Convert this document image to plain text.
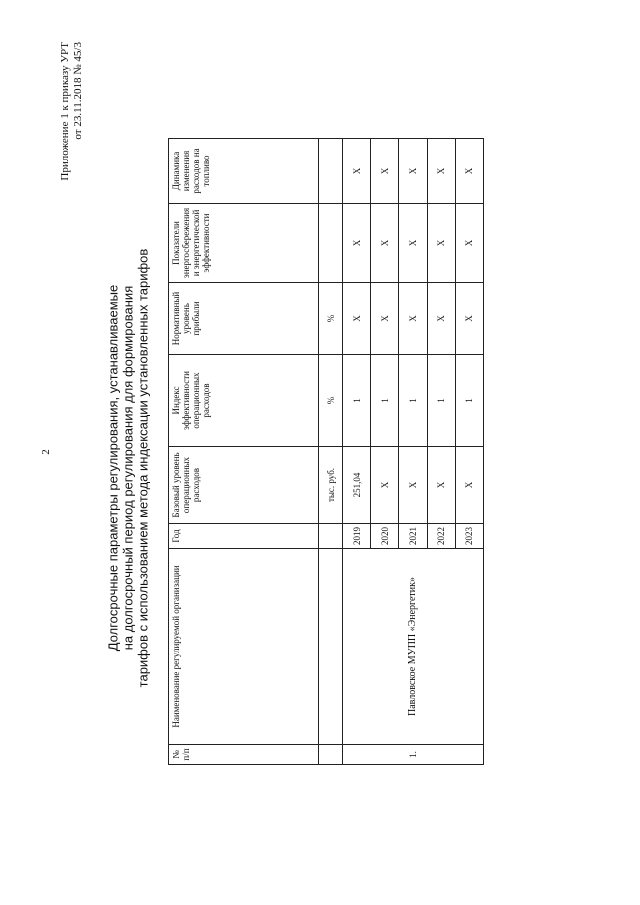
2
Приложение 1 к приказу УРТ от 23.11.2018 № 45/3
Долгосрочные параметры регулирования, устанавливаемые на долгосрочный период регулирования для формирования тарифов с использованием метода индексации установленных тарифов
№ п/п	Наименование регулируемой организации	Год	Базовый уровень операционных расходов	Индекс эффективности операционных расходов	Нормативный уровень прибыли	Показатели энергосбережения и энергетической эффективности	Динамика изменения расходов на топливо
			тыс. руб.	%	%		
1.	Павловское МУПП «Энергетик»	2019	251,04	1	X	X	X
		2020	X	1	X	X	X
		2021	X	1	X	X	X
		2022	X	1	X	X	X
		2023	X	1	X	X	X
